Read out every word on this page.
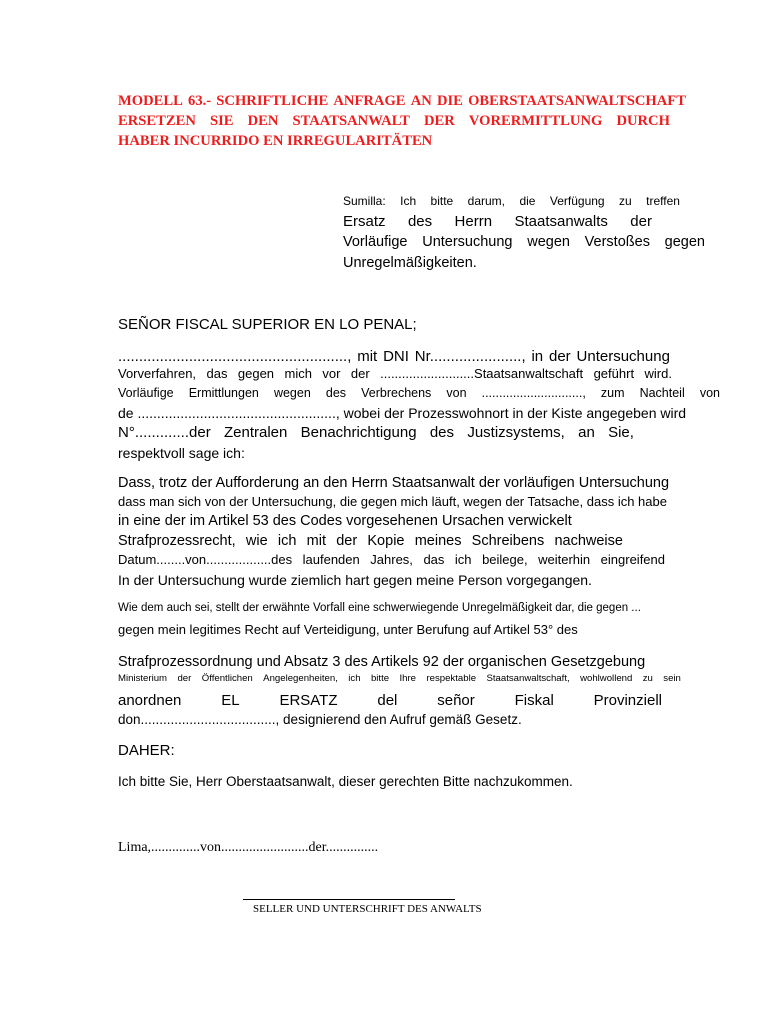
MODELL 63.- SCHRIFTLICHE ANFRAGE AN DIE OBERSTAATSANWALTSCHAFT
ERSETZEN SIE DEN STAATSANWALT DER VORERMITTLUNG DURCH
HABER INCURRIDO EN IRREGULARITÄTEN
Sumilla: Ich bitte darum, die Verfügung zu treffen
Ersatz des Herrn Staatsanwalts der
Vorläufige Untersuchung wegen Verstoßes gegen
Unregelmäßigkeiten.
SEÑOR FISCAL SUPERIOR EN LO PENAL;
......................................................., mit DNI Nr......................, in der Untersuchung
Vorverfahren, das gegen mich vor der ..........................Staatsanwaltschaft geführt wird.
Vorläufige Ermittlungen wegen des Verbrechens von ............................., zum Nachteil von
de ..................................................., wobei der Prozesswohnort in der Kiste angegeben wird
N°.............der Zentralen Benachrichtigung des Justizsystems, an Sie,
respektvoll sage ich:
Dass, trotz der Aufforderung an den Herrn Staatsanwalt der vorläufigen Untersuchung
dass man sich von der Untersuchung, die gegen mich läuft, wegen der Tatsache, dass ich habe
in eine der im Artikel 53 des Codes vorgesehenen Ursachen verwickelt
Strafprozessrecht, wie ich mit der Kopie meines Schreibens nachweise
Datum........von..................des laufenden Jahres, das ich beilege, weiterhin eingreifend
In der Untersuchung wurde ziemlich hart gegen meine Person vorgegangen.
Wie dem auch sei, stellt der erwähnte Vorfall eine schwerwiegende Unregelmäßigkeit dar, die gegen ...
gegen mein legitimes Recht auf Verteidigung, unter Berufung auf Artikel 53° des
Strafprozessordnung und Absatz 3 des Artikels 92 der organischen Gesetzgebung
Ministerium der Öffentlichen Angelegenheiten, ich bitte Ihre respektable Staatsanwaltschaft, wohlwollend zu sein
anordnen	EL	ERSATZ	del	señor	Fiskal	Provinziell
don...................................., designierend den Aufruf gemäß Gesetz.
DAHER:
Ich bitte Sie, Herr Oberstaatsanwalt, dieser gerechten Bitte nachzukommen.
Lima,..............von.........................der...............
SELLER UND UNTERSCHRIFT DES ANWALTS
